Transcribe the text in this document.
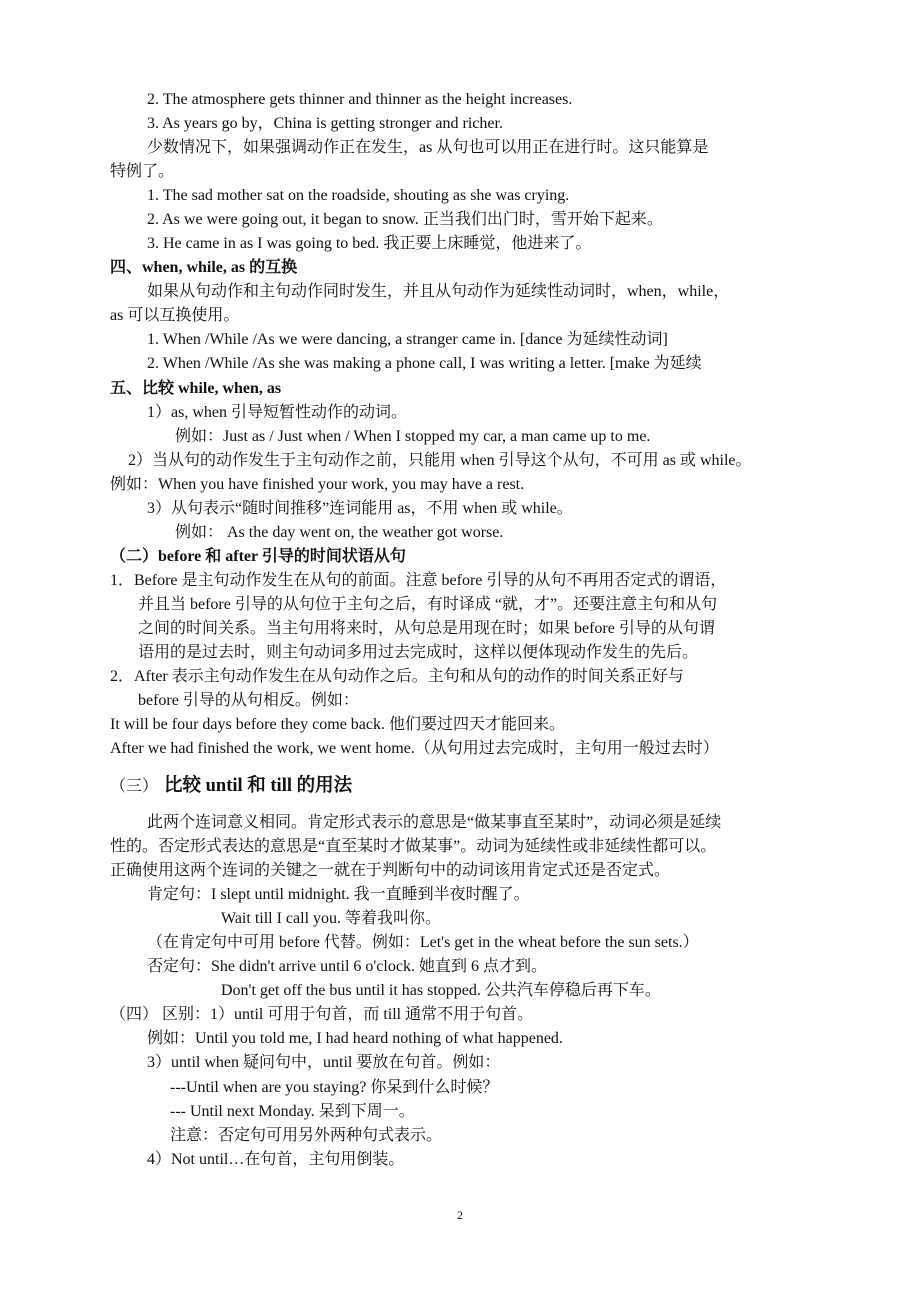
2. The atmosphere gets thinner and thinner as the height increases.
3. As years go by，China is getting stronger and richer.
少数情况下，如果强调动作正在发生，as 从句也可以用正在进行时。这只能算是
特例了。
1. The sad mother sat on the roadside, shouting as she was crying.
2. As we were going out, it began to snow. 正当我们出门时，雪开始下起来。
3. He came in as I was going to bed. 我正要上床睡觉，他进来了。
四、when, while, as 的互换
如果从句动作和主句动作同时发生，并且从句动作为延续性动词时，when，while，
as 可以互换使用。
1. When /While /As we were dancing, a stranger came in. [dance 为延续性动词]
2. When /While /As she was making a phone call, I was writing a letter. [make 为延续
五、比较 while, when, as
1）as, when 引导短暂性动作的动词。
例如：Just as / Just when / When I stopped my car, a man came up to me.
2）当从句的动作发生于主句动作之前，只能用 when 引导这个从句，不可用 as 或 while。
例如：When you have finished your work, you may have a rest.
3）从句表示“随时间推移”连词能用 as，不用 when 或 while。
例如： As the day went on, the weather got worse.
（二）before 和 after 引导的时间状语从句
1．Before 是主句动作发生在从句的前面。注意 before 引导的从句不再用否定式的谓语，
并且当 before 引导的从句位于主句之后，有时译成 “就，才”。还要注意主句和从句
之间的时间关系。当主句用将来时，从句总是用现在时；如果 before 引导的从句谓
语用的是过去时，则主句动词多用过去完成时，这样以便体现动作发生的先后。
2．After 表示主句动作发生在从句动作之后。主句和从句的动作的时间关系正好与
before 引导的从句相反。例如：
It will be four days before they come back. 他们要过四天才能回来。
After we had finished the work, we went home.（从句用过去完成时，主句用一般过去时）
（三） 比较 until 和 till 的用法
此两个连词意义相同。肯定形式表示的意思是“做某事直至某时”，动词必须是延续
性的。否定形式表达的意思是“直至某时才做某事”。动词为延续性或非延续性都可以。
正确使用这两个连词的关键之一就在于判断句中的动词该用肯定式还是否定式。
肯定句：I slept until midnight. 我一直睡到半夜时醒了。
Wait till I call you. 等着我叫你。
（在肯定句中可用 before 代替。例如：Let's get in the wheat before the sun sets.）
否定句：She didn't arrive until 6 o'clock. 她直到 6 点才到。
Don't get off the bus until it has stopped. 公共汽车停稳后再下车。
（四） 区别：1）until 可用于句首，而 till 通常不用于句首。
例如：Until you told me, I had heard nothing of what happened.
3）until when 疑问句中，until 要放在句首。例如：
---Until when are you staying? 你呆到什么时候？
--- Until next Monday. 呆到下周一。
注意：否定句可用另外两种句式表示。
4）Not until…在句首，主句用倒装。
2
